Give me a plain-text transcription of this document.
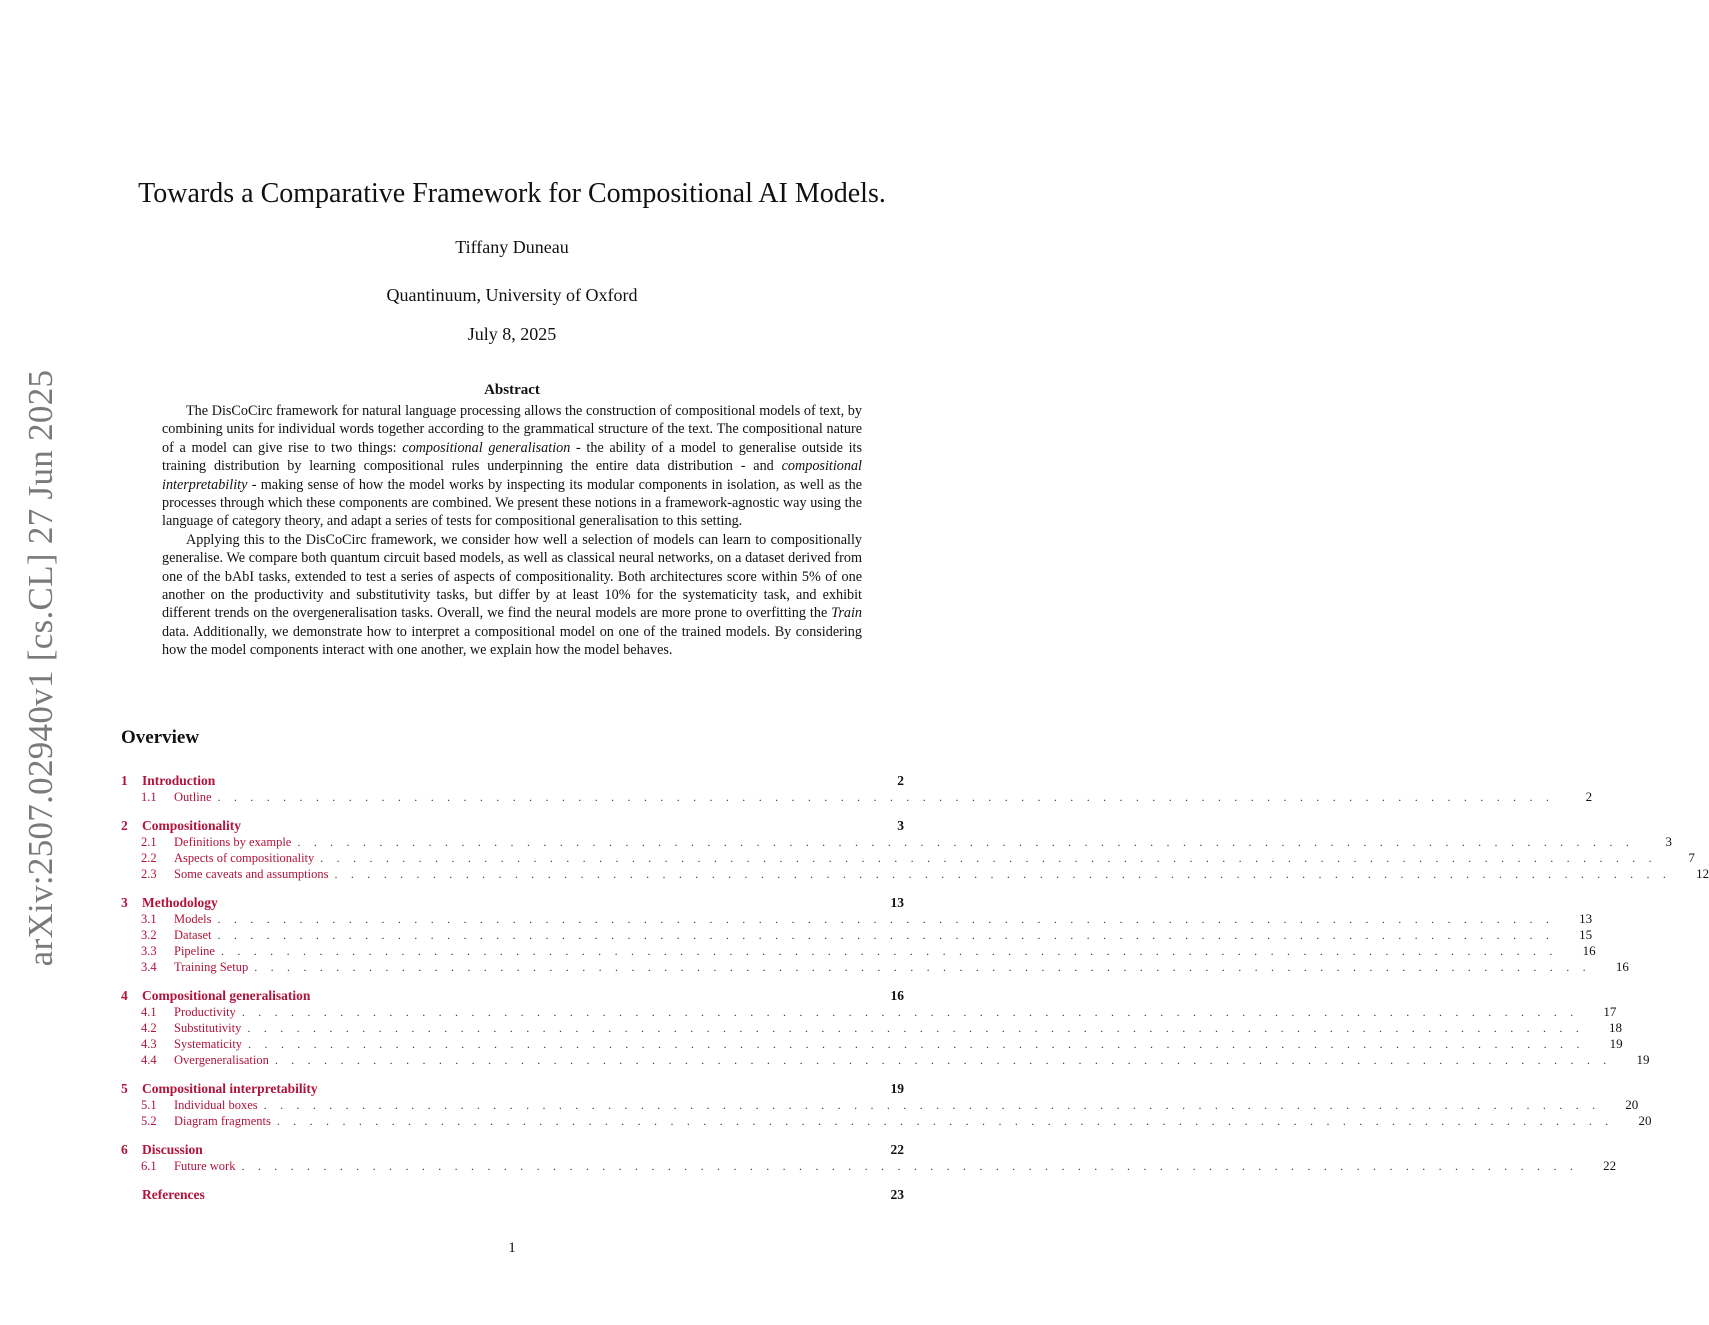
arXiv:2507.02940v1 [cs.CL] 27 Jun 2025
Towards a Comparative Framework for Compositional AI Models.
Tiffany Duneau
Quantinuum, University of Oxford
July 8, 2025
Abstract

The DisCoCirc framework for natural language processing allows the construction of compositional models of text, by combining units for individual words together according to the grammatical structure of the text. The compositional nature of a model can give rise to two things: compositional generalisation - the ability of a model to generalise outside its training distribution by learning compositional rules underpinning the entire data distribution - and compositional interpretability - making sense of how the model works by inspecting its modular components in isolation, as well as the processes through which these components are combined. We present these notions in a framework-agnostic way using the language of category theory, and adapt a series of tests for compositional generalisation to this setting.

Applying this to the DisCoCirc framework, we consider how well a selection of models can learn to compositionally generalise. We compare both quantum circuit based models, as well as classical neural networks, on a dataset derived from one of the bAbI tasks, extended to test a series of aspects of compositionality. Both architectures score within 5% of one another on the productivity and substitutivity tasks, but differ by at least 10% for the systematicity task, and exhibit different trends on the overgeneralisation tasks. Overall, we find the neural models are more prone to overfitting the Train data. Additionally, we demonstrate how to interpret a compositional model on one of the trained models. By considering how the model components interact with one another, we explain how the model behaves.

Overview
1	Introduction	2
1.1	Outline . . . . . . . . . . . . . . . . . . . . . . . . . . . . . . . . . . . . . . . . . . . . . . . . . . . . . . . . . . . . . . . . . . . . . . . . . . . . . . . . . .	2
2	Compositionality	3
2.1	Definitions by example . . . . . . . . . . . . . . . . . . . . . . . . . . . . . . . . . . . . . . . . . . . . . . . . . . . . . . . . . . . . . . . . . . . . . . . . . . . . . . . . . .	3
2.2	Aspects of compositionality . . . . . . . . . . . . . . . . . . . . . . . . . . . . . . . . . . . . . . . . . . . . . . . . . . . . . . . . . . . . . . . . . . . . . . . . . . . . . . . . . .	7
2.3	Some caveats and assumptions . . . . . . . . . . . . . . . . . . . . . . . . . . . . . . . . . . . . . . . . . . . . . . . . . . . . . . . . . . . . . . . . . . . . . . . . . . . . . . . . . .	12
3	Methodology	13
3.1	Models . . . . . . . . . . . . . . . . . . . . . . . . . . . . . . . . . . . . . . . . . . . . . . . . . . . . . . . . . . . . . . . . . . . . . . . . . . . . . . . . . .	13
3.2	Dataset . . . . . . . . . . . . . . . . . . . . . . . . . . . . . . . . . . . . . . . . . . . . . . . . . . . . . . . . . . . . . . . . . . . . . . . . . . . . . . . . . .	15
3.3	Pipeline . . . . . . . . . . . . . . . . . . . . . . . . . . . . . . . . . . . . . . . . . . . . . . . . . . . . . . . . . . . . . . . . . . . . . . . . . . . . . . . . . .	16
3.4	Training Setup . . . . . . . . . . . . . . . . . . . . . . . . . . . . . . . . . . . . . . . . . . . . . . . . . . . . . . . . . . . . . . . . . . . . . . . . . . . . . . . . . .	16
4	Compositional generalisation	16
4.1	Productivity . . . . . . . . . . . . . . . . . . . . . . . . . . . . . . . . . . . . . . . . . . . . . . . . . . . . . . . . . . . . . . . . . . . . . . . . . . . . . . . . . .	17
4.2	Substitutivity . . . . . . . . . . . . . . . . . . . . . . . . . . . . . . . . . . . . . . . . . . . . . . . . . . . . . . . . . . . . . . . . . . . . . . . . . . . . . . . . . .	18
4.3	Systematicity . . . . . . . . . . . . . . . . . . . . . . . . . . . . . . . . . . . . . . . . . . . . . . . . . . . . . . . . . . . . . . . . . . . . . . . . . . . . . . . . . .	19
4.4	Overgeneralisation . . . . . . . . . . . . . . . . . . . . . . . . . . . . . . . . . . . . . . . . . . . . . . . . . . . . . . . . . . . . . . . . . . . . . . . . . . . . . . . . . .	19
5	Compositional interpretability	19
5.1	Individual boxes . . . . . . . . . . . . . . . . . . . . . . . . . . . . . . . . . . . . . . . . . . . . . . . . . . . . . . . . . . . . . . . . . . . . . . . . . . . . . . . . . .	20
5.2	Diagram fragments . . . . . . . . . . . . . . . . . . . . . . . . . . . . . . . . . . . . . . . . . . . . . . . . . . . . . . . . . . . . . . . . . . . . . . . . . . . . . . . . . .	20
6	Discussion	22
6.1	Future work . . . . . . . . . . . . . . . . . . . . . . . . . . . . . . . . . . . . . . . . . . . . . . . . . . . . . . . . . . . . . . . . . . . . . . . . . . . . . . . . . .	22
References	23
1
